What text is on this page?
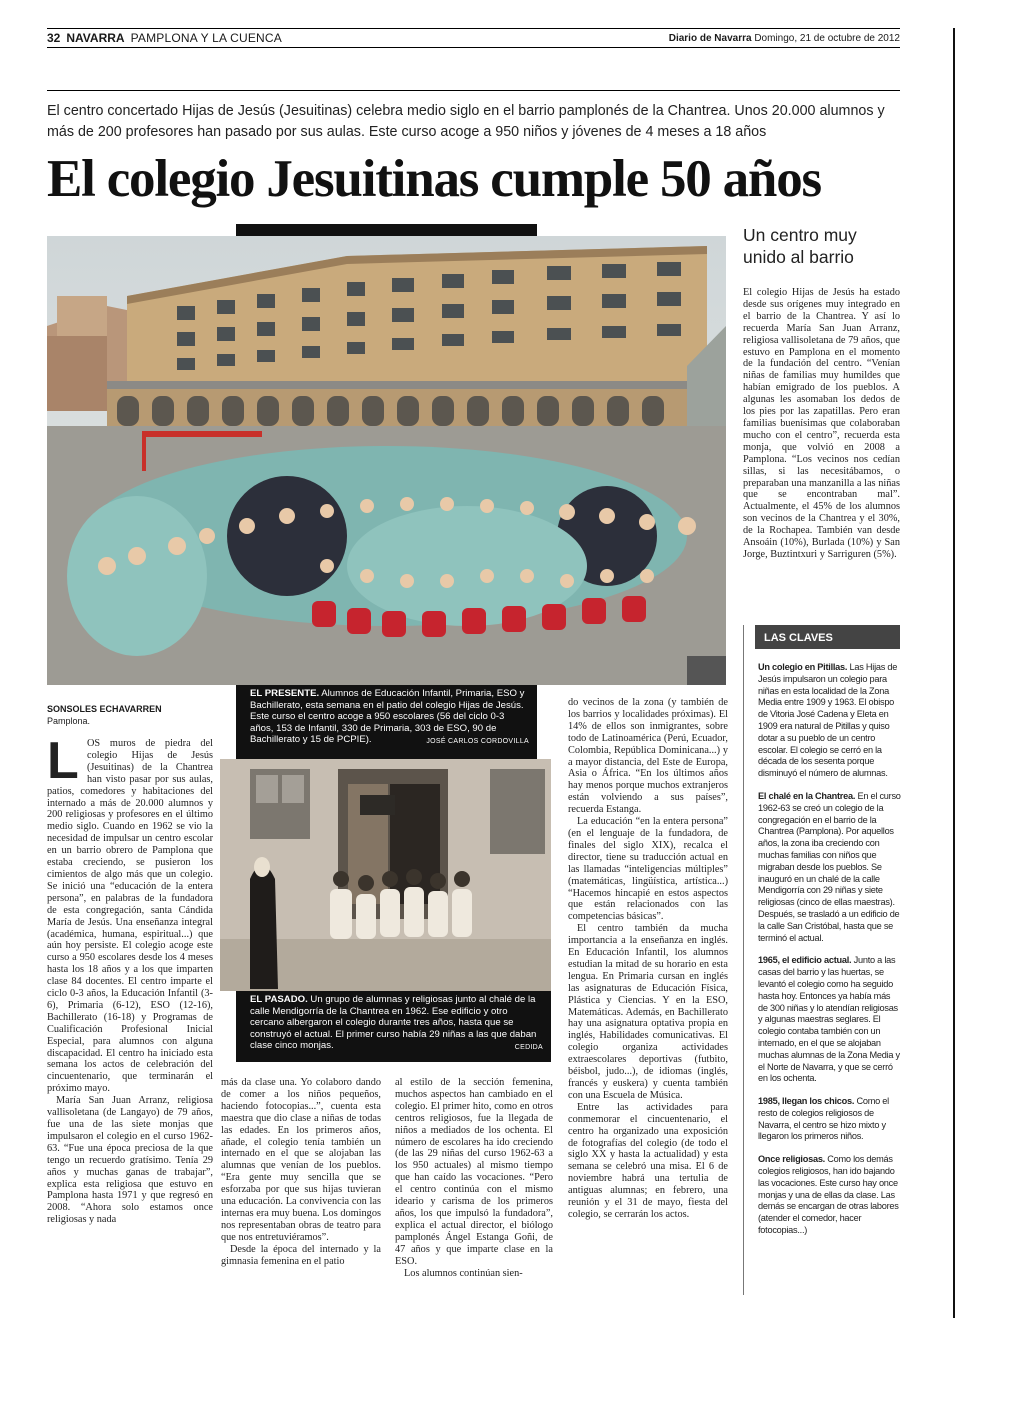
32 NAVARRA PAMPLONA Y LA CUENCA	Diario de Navarra Domingo, 21 de octubre de 2012
El centro concertado Hijas de Jesús (Jesuitinas) celebra medio siglo en el barrio pamplonés de la Chantrea. Unos 20.000 alumnos y más de 200 profesores han pasado por sus aulas. Este curso acoge a 950 niños y jóvenes de 4 meses a 18 años
El colegio Jesuitinas cumple 50 años
EL PRESENTE. Alumnos de Educación Infantil, Primaria, ESO y Bachillerato, esta semana en el patio del colegio Hijas de Jesús. Este curso el centro acoge a 950 escolares (56 del ciclo 0-3 años, 153 de Infantil, 330 de Primaria, 303 de ESO, 90 de Bachillerato y 15 de PCPIE).	JOSÉ CARLOS CORDOVILLA
EL PASADO. Un grupo de alumnas y religiosas junto al chalé de la calle Mendigorría de la Chantrea en 1962. Ese edificio y otro cercano albergaron el colegio durante tres años, hasta que se construyó el actual. El primer curso había 29 niñas a las que daban clase cinco monjas.	CEDIDA
SONSOLES ECHAVARREN
Pamplona.
L OS muros de piedra del colegio Hijas de Jesús (Jesuitinas) de la Chantrea han visto pasar por sus aulas, patios, comedores y habitaciones del internado a más de 20.000 alumnos y 200 religiosas y profesores en el último medio siglo. Cuando en 1962 se vio la necesidad de impulsar un centro escolar en un barrio obrero de Pamplona que estaba creciendo, se pusieron los cimientos de algo más que un colegio. Se inició una “educación de la entera persona”, en palabras de la fundadora de esta congregación, santa Cándida María de Jesús. Una enseñanza integral (académica, humana, espiritual...) que aún hoy persiste. El colegio acoge este curso a 950 escolares desde los 4 meses hasta los 18 años y a los que imparten clase 84 docentes. El centro imparte el ciclo 0-3 años, la Educación Infantil (3-6), Primaria (6-12), ESO (12-16), Bachillerato (16-18) y Programas de Cualificación Profesional Inicial Especial, para alumnos con alguna discapacidad. El centro ha iniciado esta semana los actos de celebración del cincuentenario, que terminarán el próximo mayo.

María San Juan Arranz, religiosa vallisoletana (de Langayo) de 79 años, fue una de las siete monjas que impulsaron el colegio en el curso 1962-63. “Fue una época preciosa de la que tengo un recuerdo gratísimo. Tenía 29 años y muchas ganas de trabajar”, explica esta religiosa que estuvo en Pamplona hasta 1971 y que regresó en 2008. “Ahora solo estamos once religiosas y nada

más da clase una. Yo colaboro dando de comer a los niños pequeños, haciendo fotocopias...”, cuenta esta maestra que dio clase a niñas de todas las edades. En los primeros años, añade, el colegio tenía también un internado en el que se alojaban las alumnas que venían de los pueblos. “Era gente muy sencilla que se esforzaba por que sus hijas tuvieran una educación. La convivencia con las internas era muy buena. Los domingos nos representaban obras de teatro para que nos entretuviéramos”.

Desde la época del internado y la gimnasia femenina en el patio

al estilo de la sección femenina, muchos aspectos han cambiado en el colegio. El primer hito, como en otros centros religiosos, fue la llegada de niños a mediados de los ochenta. El número de escolares ha ido creciendo (de las 29 niñas del curso 1962-63 a los 950 actuales) al mismo tiempo que han caído las vocaciones. “Pero el centro continúa con el mismo ideario y carisma de los primeros años, los que impulsó la fundadora”, explica el actual director, el biólogo pamplonés Ángel Estanga Goñi, de 47 años y que imparte clase en la ESO.

Los alumnos continúan sien-

do vecinos de la zona (y también de los barrios y localidades próximas). El 14% de ellos son inmigrantes, sobre todo de Latinoamérica (Perú, Ecuador, Colombia, República Dominicana...) y a mayor distancia, del Este de Europa, Asia o África. “En los últimos años hay menos porque muchos extranjeros están volviendo a sus países”, recuerda Estanga.

La educación “en la entera persona” (en el lenguaje de la fundadora, de finales del siglo XIX), recalca el director, tiene su traducción actual en las llamadas “inteligencias múltiples” (matemáticas, lingüística, artística...) “Hacemos hincapié en estos aspectos que están relacionados con las competencias básicas”.

El centro también da mucha importancia a la enseñanza en inglés. En Educación Infantil, los alumnos estudian la mitad de su horario en esta lengua. En Primaria cursan en inglés las asignaturas de Educación Física, Plástica y Ciencias. Y en la ESO, Matemáticas. Además, en Bachillerato hay una asignatura optativa propia en inglés, Habilidades comunicativas. El colegio organiza actividades extraescolares deportivas (futbito, béisbol, judo...), de idiomas (inglés, francés y euskera) y cuenta también con una Escuela de Música.

Entre las actividades para conmemorar el cincuentenario, el centro ha organizado una exposición de fotografías del colegio (de todo el siglo XX y hasta la actualidad) y esta semana se celebró una misa. El 6 de noviembre habrá una tertulia de antiguas alumnas; en febrero, una reunión y el 31 de mayo, fiesta del colegio, se cerrarán los actos.

Un centro muy unido al barrio
El colegio Hijas de Jesús ha estado desde sus orígenes muy integrado en el barrio de la Chantrea. Y así lo recuerda María San Juan Arranz, religiosa vallisoletana de 79 años, que estuvo en Pamplona en el momento de la fundación del centro. “Venían niñas de familias muy humildes que habían emigrado de los pueblos. A algunas les asomaban los dedos de los pies por las zapatillas. Pero eran familias buenísimas que colaboraban mucho con el centro”, recuerda esta monja, que volvió en 2008 a Pamplona. “Los vecinos nos cedían sillas, si las necesitábamos, o preparaban una manzanilla a las niñas que se encontraban mal”. Actualmente, el 45% de los alumnos son vecinos de la Chantrea y el 30%, de la Rochapea. También van desde Ansoáin (10%), Burlada (10%) y San Jorge, Buztintxuri y Sarriguren (5%).
LAS CLAVES

Un colegio en Pitillas. Las Hijas de Jesús impulsaron un colegio para niñas en esta localidad de la Zona Media entre 1909 y 1963. El obispo de Vitoria José Cadena y Eleta en 1909 era natural de Pitillas y quiso dotar a su pueblo de un centro escolar. El colegio se cerró en la década de los sesenta porque disminuyó el número de alumnas.

El chalé en la Chantrea. En el curso 1962-63 se creó un colegio de la congregación en el barrio de la Chantrea (Pamplona). Por aquellos años, la zona iba creciendo con muchas familias con niños que migraban desde los pueblos. Se inauguró en un chalé de la calle Mendigorría con 29 niñas y siete religiosas (cinco de ellas maestras). Después, se trasladó a un edificio de la calle San Cristóbal, hasta que se terminó el actual.

1965, el edificio actual. Junto a las casas del barrio y las huertas, se levantó el colegio como ha seguido hasta hoy. Entonces ya había más de 300 niñas y lo atendían religiosas y algunas maestras seglares. El colegio contaba también con un internado, en el que se alojaban muchas alumnas de la Zona Media y el Norte de Navarra, y que se cerró en los ochenta.

1985, llegan los chicos. Como el resto de colegios religiosos de Navarra, el centro se hizo mixto y llegaron los primeros niños.

Once religiosas. Como los demás colegios religiosos, han ido bajando las vocaciones. Este curso hay once monjas y una de ellas da clase. Las demás se encargan de otras labores (atender el comedor, hacer fotocopias...)
